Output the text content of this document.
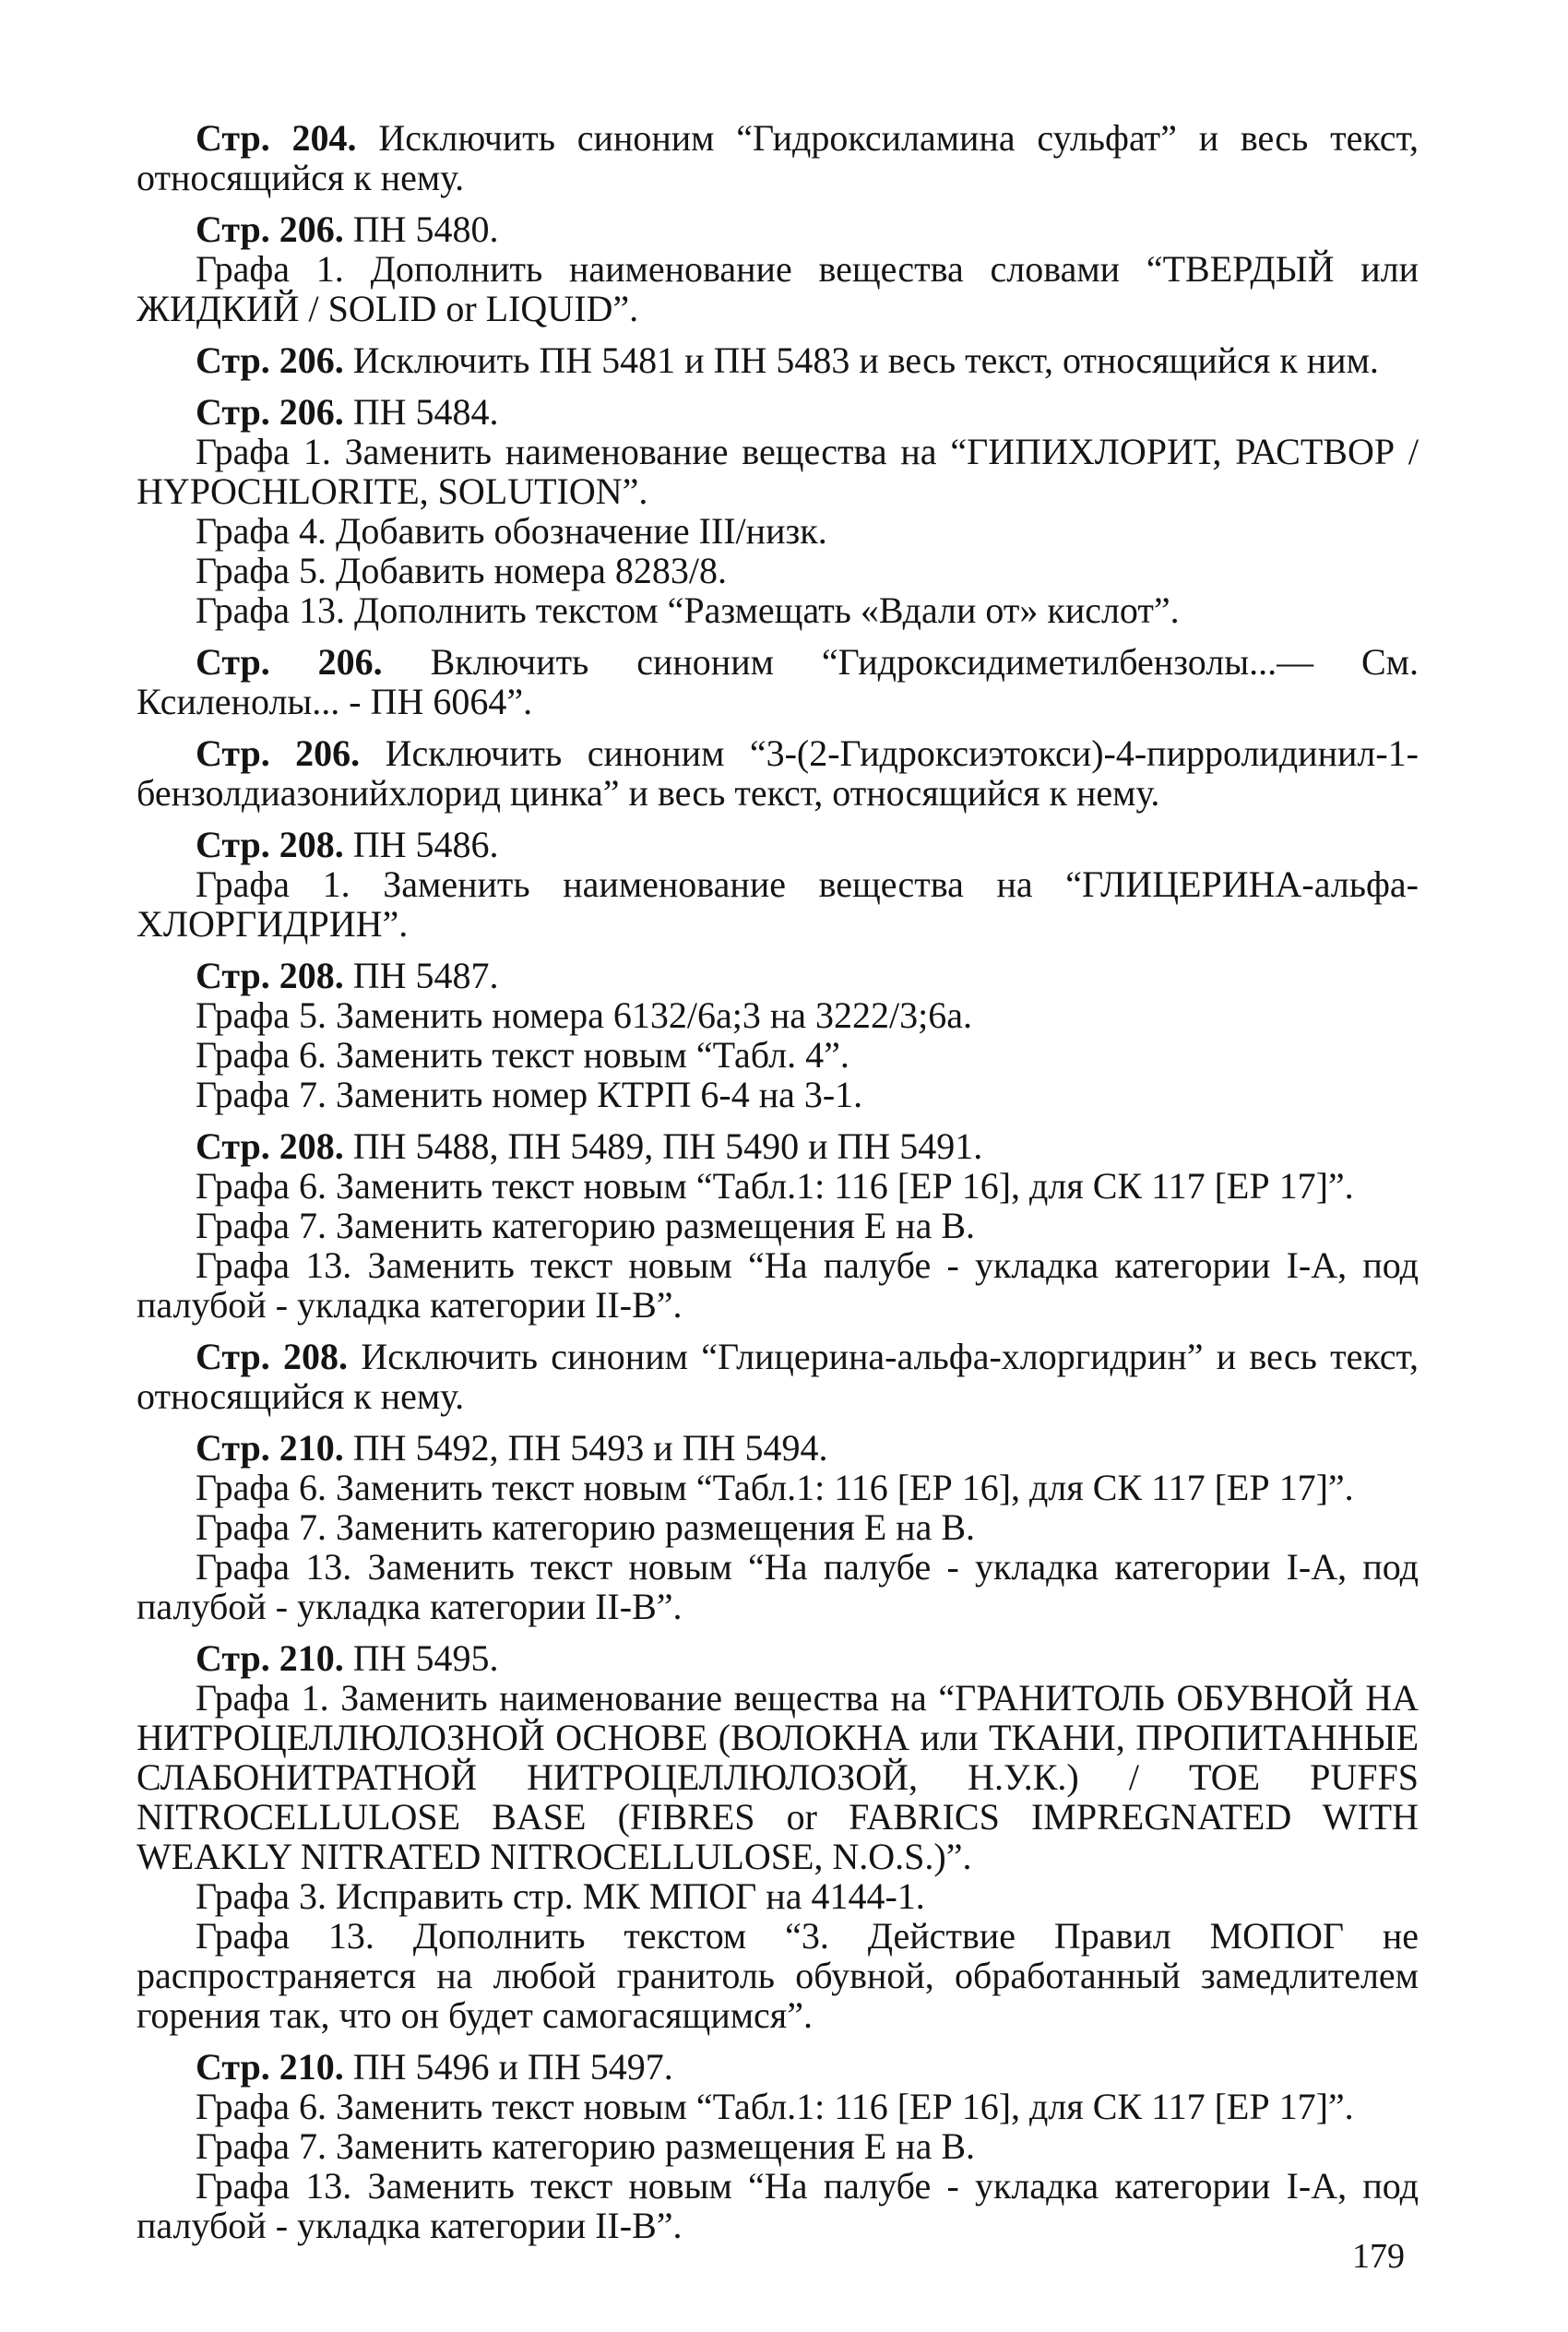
Стр. 204. Исключить синоним “Гидроксиламина сульфат” и весь текст, относящийся к нему.

Стр. 206. ПН 5480.

Графа 1. Дополнить наименование вещества словами “ТВЕРДЫЙ или ЖИДКИЙ / SOLID or LIQUID”.

Стр. 206. Исключить ПН 5481 и ПН 5483 и весь текст, относящийся к ним.

Стр. 206. ПН 5484.

Графа 1. Заменить наименование вещества на “ГИПИХЛОРИТ, РАСТВОР / HYPOCHLORITE, SOLUTION”.

Графа 4. Добавить обозначение III/низк.

Графа 5. Добавить номера 8283/8.

Графа 13. Дополнить текстом “Размещать «Вдали от» кислот”.

Стр. 206. Включить синоним “Гидроксидиметилбензолы...— См. Ксиленолы... - ПН 6064”.

Стр. 206. Исключить синоним “3-(2-Гидроксиэтокси)-4-пирролидинил-1-бензолдиазонийхлорид цинка” и весь текст, относящийся к нему.

Стр. 208. ПН 5486.

Графа 1. Заменить наименование вещества на “ГЛИЦЕРИНА-альфа-ХЛОРГИДРИН”.

Стр. 208. ПН 5487.

Графа 5. Заменить номера 6132/6а;3 на 3222/3;6а.

Графа 6. Заменить текст новым “Табл. 4”.

Графа 7. Заменить номер КТРП 6-4 на 3-1.

Стр. 208. ПН 5488, ПН 5489, ПН 5490 и ПН 5491.

Графа 6. Заменить текст новым “Табл.1: 116 [ЕР 16], для СК 117 [ЕР 17]”.

Графа 7. Заменить категорию размещения Е на В.

Графа 13. Заменить текст новым “На палубе - укладка категории I-А, под палубой - укладка категории II-В”.

Стр. 208. Исключить синоним “Глицерина-альфа-хлоргидрин” и весь текст, относящийся к нему.

Стр. 210. ПН 5492, ПН 5493 и ПН 5494.

Графа 6. Заменить текст новым “Табл.1: 116 [ЕР 16], для СК 117 [ЕР 17]”.

Графа 7. Заменить категорию размещения Е на В.

Графа 13. Заменить текст новым “На палубе - укладка категории I-А, под палубой - укладка категории II-В”.

Стр. 210. ПН 5495.

Графа 1. Заменить наименование вещества на “ГРАНИТОЛЬ ОБУВНОЙ НА НИТРОЦЕЛЛЮЛОЗНОЙ ОСНОВЕ (ВОЛОКНА или ТКАНИ, ПРОПИТАННЫЕ СЛАБОНИТРАТНОЙ НИТРОЦЕЛЛЮЛОЗОЙ, Н.У.К.) / TOE PUFFS NITROCELLULOSE BASE (FIBRES or FABRICS IMPREGNATED WITH WEAKLY NITRATED NITROCELLULOSE, N.O.S.)”.

Графа 3. Исправить стр. МК МПОГ на 4144-1.

Графа 13. Дополнить текстом “3. Действие Правил МОПОГ не распространяется на любой гранитоль обувной, обработанный замедлителем горения так, что он будет самогасящимся”.

Стр. 210. ПН 5496 и ПН 5497.

Графа 6. Заменить текст новым “Табл.1: 116 [ЕР 16], для СК 117 [ЕР 17]”.

Графа 7. Заменить категорию размещения Е на В.

Графа 13. Заменить текст новым “На палубе - укладка категории I-А, под палубой - укладка категории II-В”.

179
